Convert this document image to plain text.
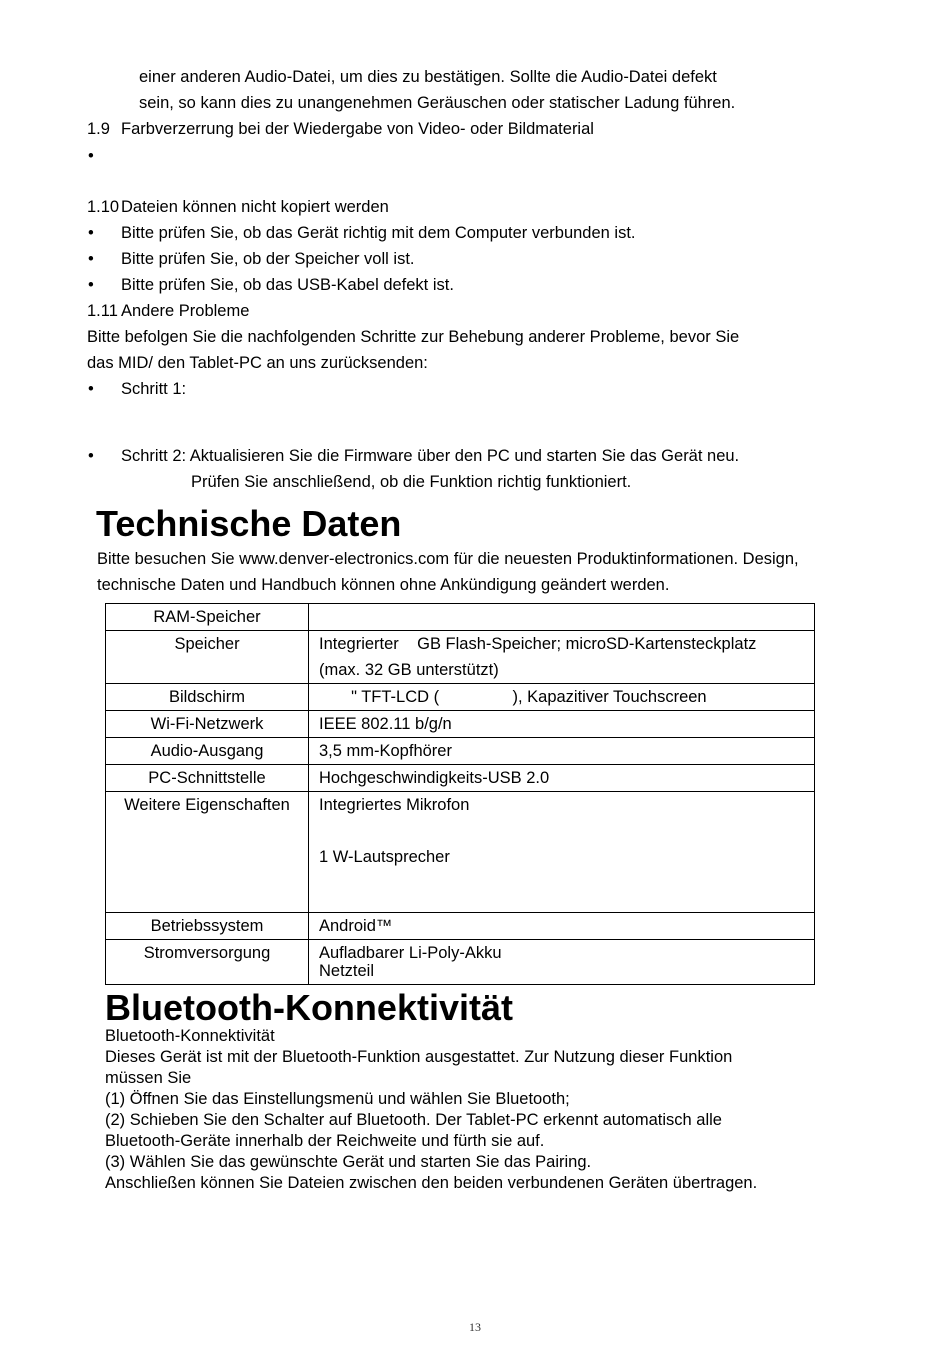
einer anderen Audio-Datei, um dies zu bestätigen. Sollte die Audio-Datei defekt
sein, so kann dies zu unangenehmen Geräuschen oder statischer Ladung führen.
1.9 Farbverzerrung bei der Wiedergabe von Video- oder Bildmaterial
•
1.10 Dateien können nicht kopiert werden
• Bitte prüfen Sie, ob das Gerät richtig mit dem Computer verbunden ist.
• Bitte prüfen Sie, ob der Speicher voll ist.
• Bitte prüfen Sie, ob das USB-Kabel defekt ist.
1.11 Andere Probleme
Bitte befolgen Sie die nachfolgenden Schritte zur Behebung anderer Probleme, bevor Sie
das MID/ den Tablet-PC an uns zurücksenden:
• Schritt 1:
• Schritt 2: Aktualisieren Sie die Firmware über den PC und starten Sie das Gerät neu.
Prüfen Sie anschließend, ob die Funktion richtig funktioniert.
Technische Daten
Bitte besuchen Sie www.denver-electronics.com für die neuesten Produktinformationen. Design,
technische Daten und Handbuch können ohne Ankündigung geändert werden.
RAM-Speicher	

Speicher	Integrierter    GB Flash-Speicher; microSD-Kartensteckplatz
(max. 32 GB unterstützt)

Bildschirm	" TFT-LCD (                ), Kapazitiver Touchscreen

Wi-Fi-Netzwerk	IEEE 802.11 b/g/n

Audio-Ausgang	3,5 mm-Kopfhörer

PC-Schnittstelle	Hochgeschwindigkeits-USB 2.0

Weitere Eigenschaften	Integriertes Mikrofon
1 W-Lautsprecher

Betriebssystem	Android™

Stromversorgung	Aufladbarer Li-Poly-Akku
Netzteil
Bluetooth-Konnektivität
Bluetooth-Konnektivität
Dieses Gerät ist mit der Bluetooth-Funktion ausgestattet. Zur Nutzung dieser Funktion
müssen Sie
(1) Öffnen Sie das Einstellungsmenü und wählen Sie Bluetooth;
(2) Schieben Sie den Schalter auf Bluetooth. Der Tablet-PC erkennt automatisch alle
Bluetooth-Geräte innerhalb der Reichweite und fürth sie auf.
(3) Wählen Sie das gewünschte Gerät und starten Sie das Pairing.
Anschließen können Sie Dateien zwischen den beiden verbundenen Geräten übertragen.
13
